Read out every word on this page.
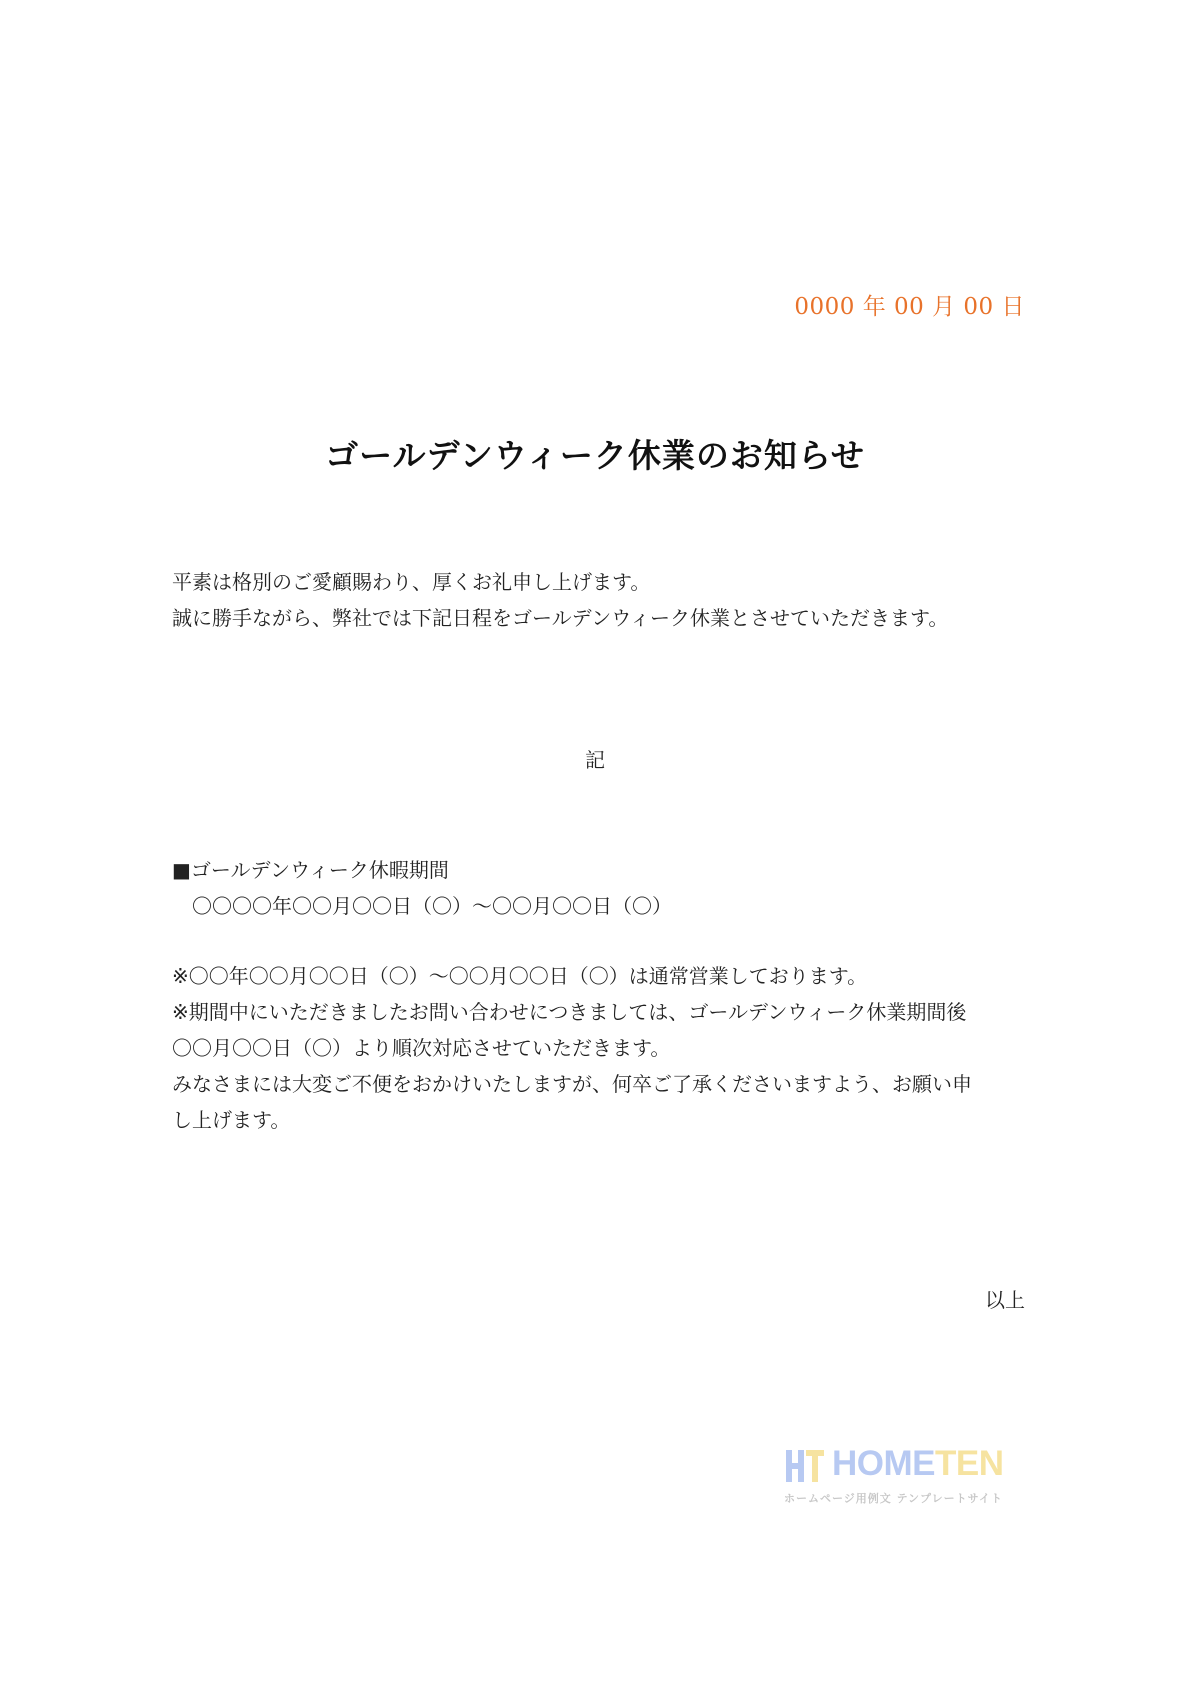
0000 年 00 月 00 日
ゴールデンウィーク休業のお知らせ
平素は格別のご愛顧賜わり、厚くお礼申し上げます。
誠に勝手ながら、弊社では下記日程をゴールデンウィーク休業とさせていただきます。
記
■ゴールデンウィーク休暇期間
〇〇〇〇年〇〇月〇〇日（〇）〜〇〇月〇〇日（〇）
※〇〇年〇〇月〇〇日（〇）〜〇〇月〇〇日（〇）は通常営業しております。
※期間中にいただきましたお問い合わせにつきましては、ゴールデンウィーク休業期間後
〇〇月〇〇日（〇）より順次対応させていただきます。
みなさまには大変ご不便をおかけいたしますが、何卒ご了承くださいますよう、お願い申
し上げます。
以上
HOMETEN
ホームページ用例文 テンプレートサイト
